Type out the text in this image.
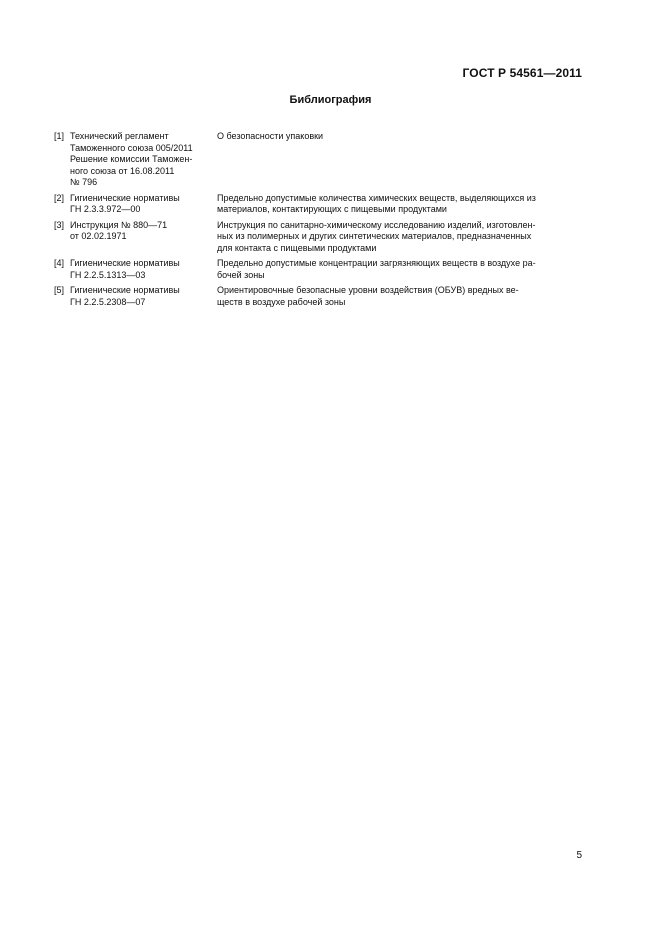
ГОСТ Р 54561—2011
Библиография
[1] Технический регламент
Таможенного союза 005/2011
Решение комиссии Таможен-
ного союза от 16.08.2011
№ 796
О безопасности упаковки
[2] Гигиенические нормативы
ГН 2.3.3.972—00
Предельно допустимые количества химических веществ, выделяющихся из
материалов, контактирующих с пищевыми продуктами
[3] Инструкция № 880—71
от 02.02.1971
Инструкция по санитарно-химическому исследованию изделий, изготовлен-
ных из полимерных и других синтетических материалов, предназначенных
для контакта с пищевыми продуктами
[4] Гигиенические нормативы
ГН 2.2.5.1313—03
Предельно допустимые концентрации загрязняющих веществ в воздухе ра-
бочей зоны
[5] Гигиенические нормативы
ГН 2.2.5.2308—07
Ориентировочные безопасные уровни воздействия (ОБУВ) вредных ве-
ществ в воздухе рабочей зоны
5
